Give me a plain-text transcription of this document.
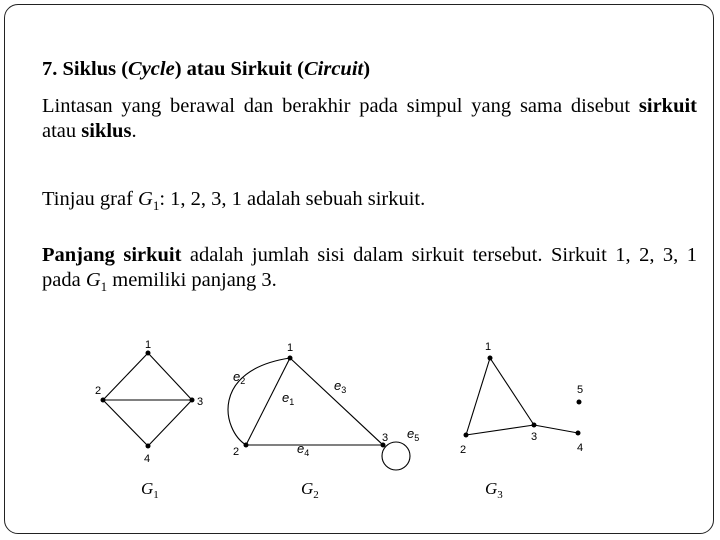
7. Siklus (Cycle) atau Sirkuit (Circuit)
Lintasan yang berawal dan berakhir pada simpul yang sama disebut sirkuit atau siklus.
Tinjau graf $G_1$: 1, 2, 3, 1 adalah sebuah sirkuit.
Panjang sirkuit adalah jumlah sisi dalam sirkuit tersebut. Sirkuit 1, 2, 3, 1 pada $G_1$ memiliki panjang 3.
1
2
3
4
$G_1$
1
2
3
$e_1$
$e_2$	$e_3$
$e_4$
$e_5$
$G_2$
1
2
3
4
5
$G_3$
